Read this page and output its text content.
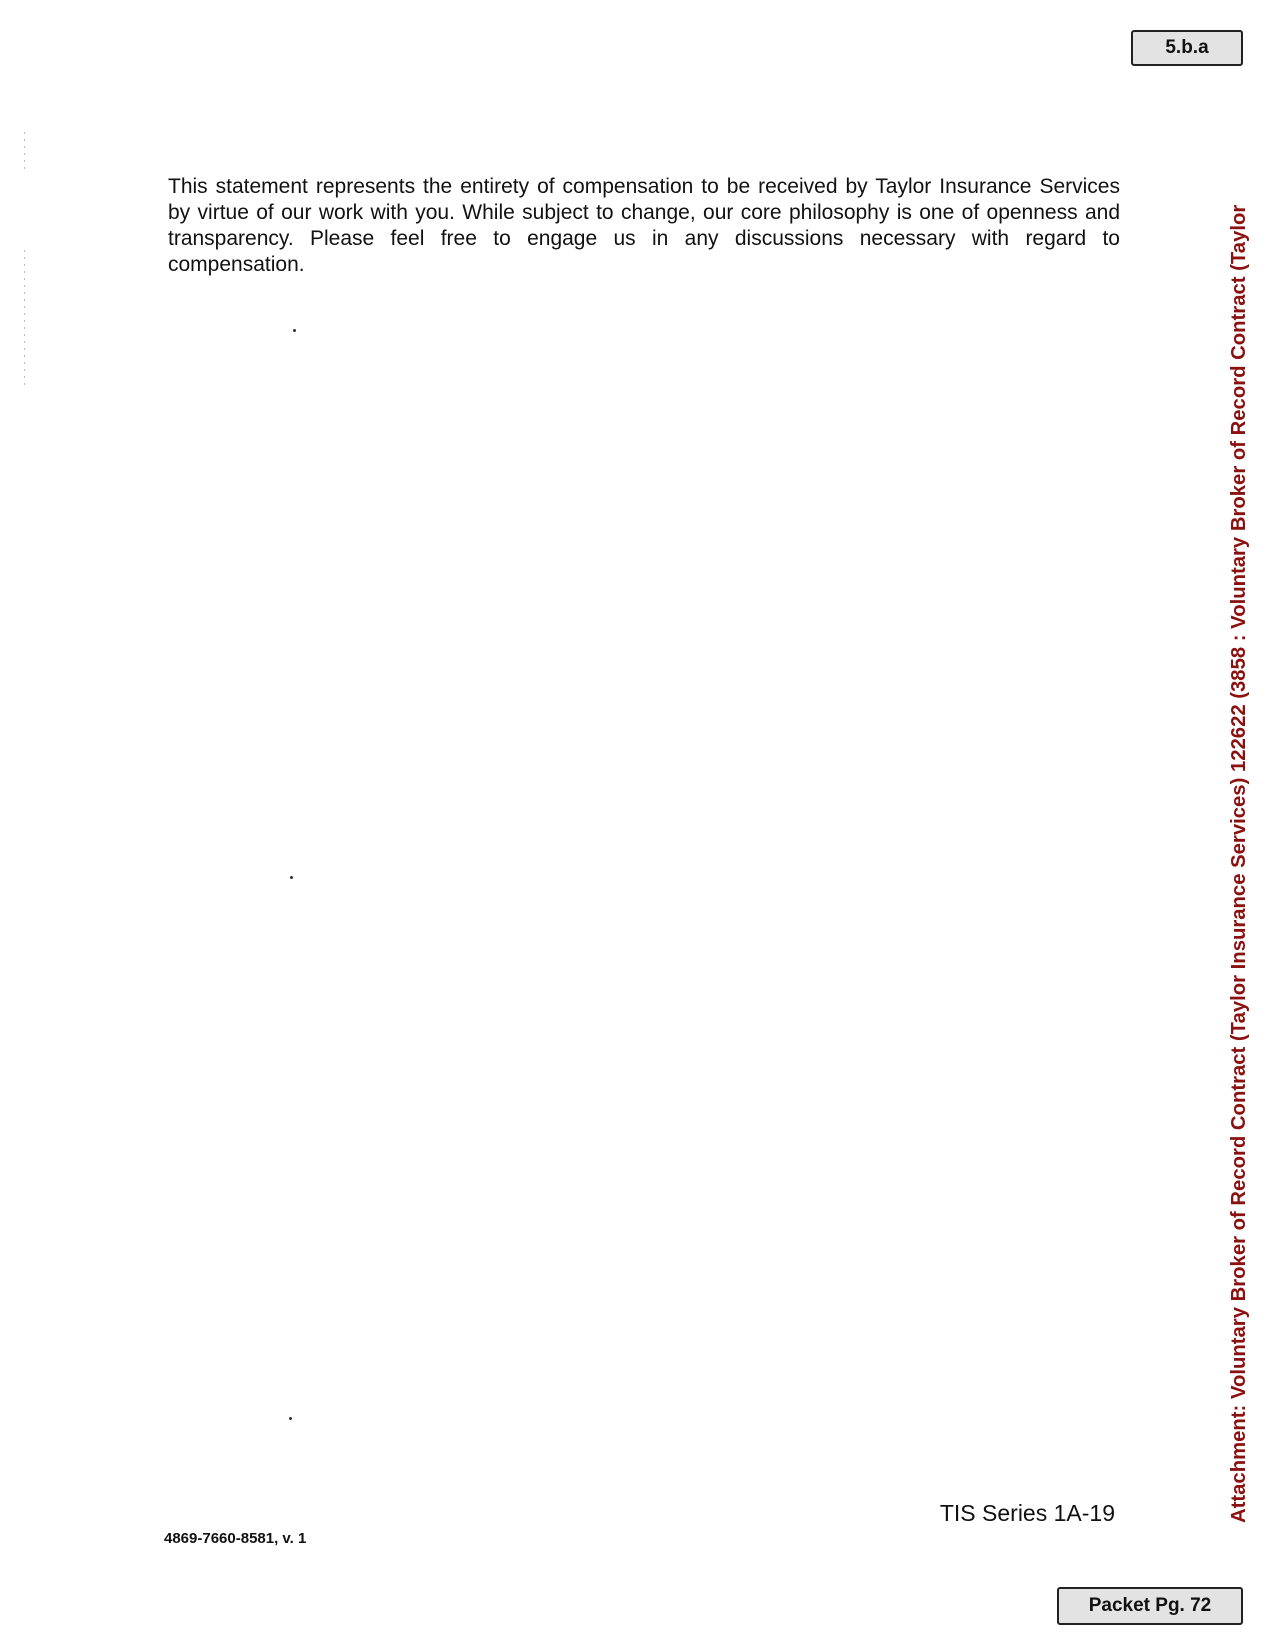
5.b.a

This statement represents the entirety of compensation to be received by Taylor Insurance Services by virtue of our work with you. While subject to change, our core philosophy is one of openness and transparency. Please feel free to engage us in any discussions necessary with regard to compensation.

TIS Series 1A-19
4869-7660-8581, v. 1
Attachment: Voluntary Broker of Record Contract (Taylor Insurance Services) 122622 (3858 : Voluntary Broker of Record Contract (Taylor
Packet Pg. 72
